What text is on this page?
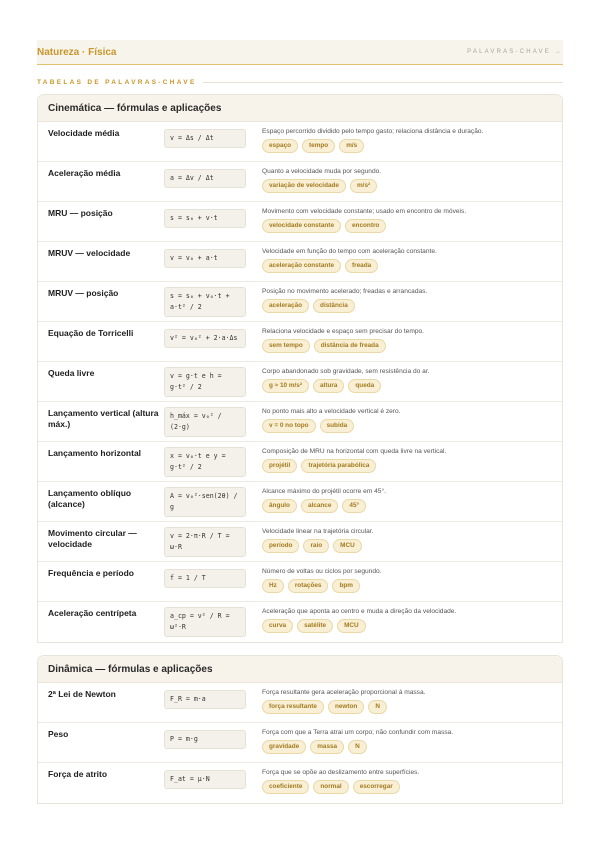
Natureza · Física	PALAVRAS-CHAVE →
TABELAS DE PALAVRAS-CHAVE
Cinemática — fórmulas e aplicações
Velocidade média	v = Δs / Δt
Espaço percorrido dividido pelo tempo gasto; relaciona distância e duração.
espaço	tempo	m/s
Aceleração média	a = Δv / Δt
Quanto a velocidade muda por segundo.
variação de velocidade	m/s²
MRU — posição	s = s₀ + v·t
Movimento com velocidade constante; usado em encontro de móveis.
velocidade constante	encontro
MRUV — velocidade	v = v₀ + a·t
Velocidade em função do tempo com aceleração constante.
aceleração constante	freada
MRUV — posição	s = s₀ + v₀·t + a·t² / 2
Posição no movimento acelerado; freadas e arrancadas.
aceleração	distância
Equação de Torricelli	v² = v₀² + 2·a·Δs
Relaciona velocidade e espaço sem precisar do tempo.
sem tempo	distância de freada
Queda livre	v = g·t e h = g·t² / 2
Corpo abandonado sob gravidade, sem resistência do ar.
g ≈ 10 m/s²	altura	queda
Lançamento vertical (altura máx.)
h_máx = v₀² / (2·g)
No ponto mais alto a velocidade vertical é zero.
v = 0 no topo	subida
Lançamento horizontal	x = v₀·t e y = g·t² / 2
Composição de MRU na horizontal com queda livre na vertical.
projétil	trajetória parabólica
Lançamento oblíquo (alcance)
A = v₀²·sen(2θ) / g
Alcance máximo do projétil ocorre em 45°.
ângulo	alcance	45°
Movimento circular — velocidade
v = 2·π·R / T = ω·R
Velocidade linear na trajetória circular.
período	raio	MCU
Frequência e período	f = 1 / T
Número de voltas ou ciclos por segundo.
Hz	rotações	bpm
Aceleração centrípeta	a_cp = v² / R = ω²·R
Aceleração que aponta ao centro e muda a direção da velocidade.
curva	satélite	MCU
Dinâmica — fórmulas e aplicações
2ª Lei de Newton	F_R = m·a
Força resultante gera aceleração proporcional à massa.
força resultante	newton	N
Peso	P = m·g
Força com que a Terra atrai um corpo; não confundir com massa.
gravidade	massa	N
Força de atrito	F_at = μ·N
Força que se opõe ao deslizamento entre superfícies.
coeficiente	normal	escorregar
